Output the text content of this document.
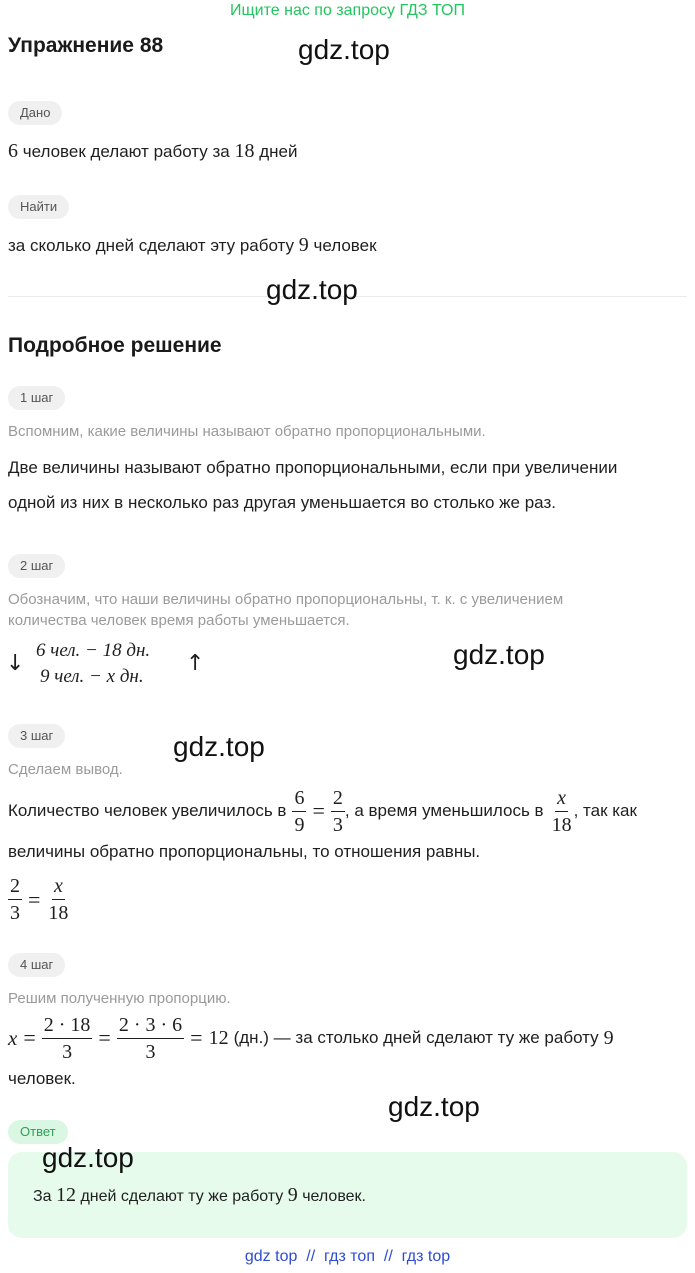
Ищите нас по запросу ГДЗ ТОП
Упражнение 88	gdz.top
Дано
6 человек делают работу за 18 дней
Найти
за сколько дней сделают эту работу 9 человек
gdz.top
Подробное решение
1 шаг
Вспомним, какие величины называют обратно пропорциональными.
Две величины называют обратно пропорциональными, если при увеличении
одной из них в несколько раз другая уменьшается во столько же раз.
2 шаг
Обозначим, что наши величины обратно пропорциональны, т. к. с увеличением
количества человек время работы уменьшается.
↓
6 чел. − 18 дн.
9 чел. − x дн.
↑	gdz.top
3 шаг	gdz.top
Сделаем вывод.
Количество человек увеличилось в $\frac{6}{9} = \frac{2}{3}$ , а время уменьшилось в $\frac{x}{18}$ , так как
величины обратно пропорциональны, то отношения равны.
$\frac{2}{3} = \frac{x}{18}$
4 шаг
Решим полученную пропорцию.
$x = \frac{2 \cdot 18}{3} = \frac{2 \cdot 3 \cdot 6}{3} = 12$ (дн.) — за столько дней сделают ту же работу 9
человек.
gdz.top
Ответ
gdz.top
За 12 дней сделают ту же работу 9 человек.
gdz top  //  гдз топ  //  гдз top
